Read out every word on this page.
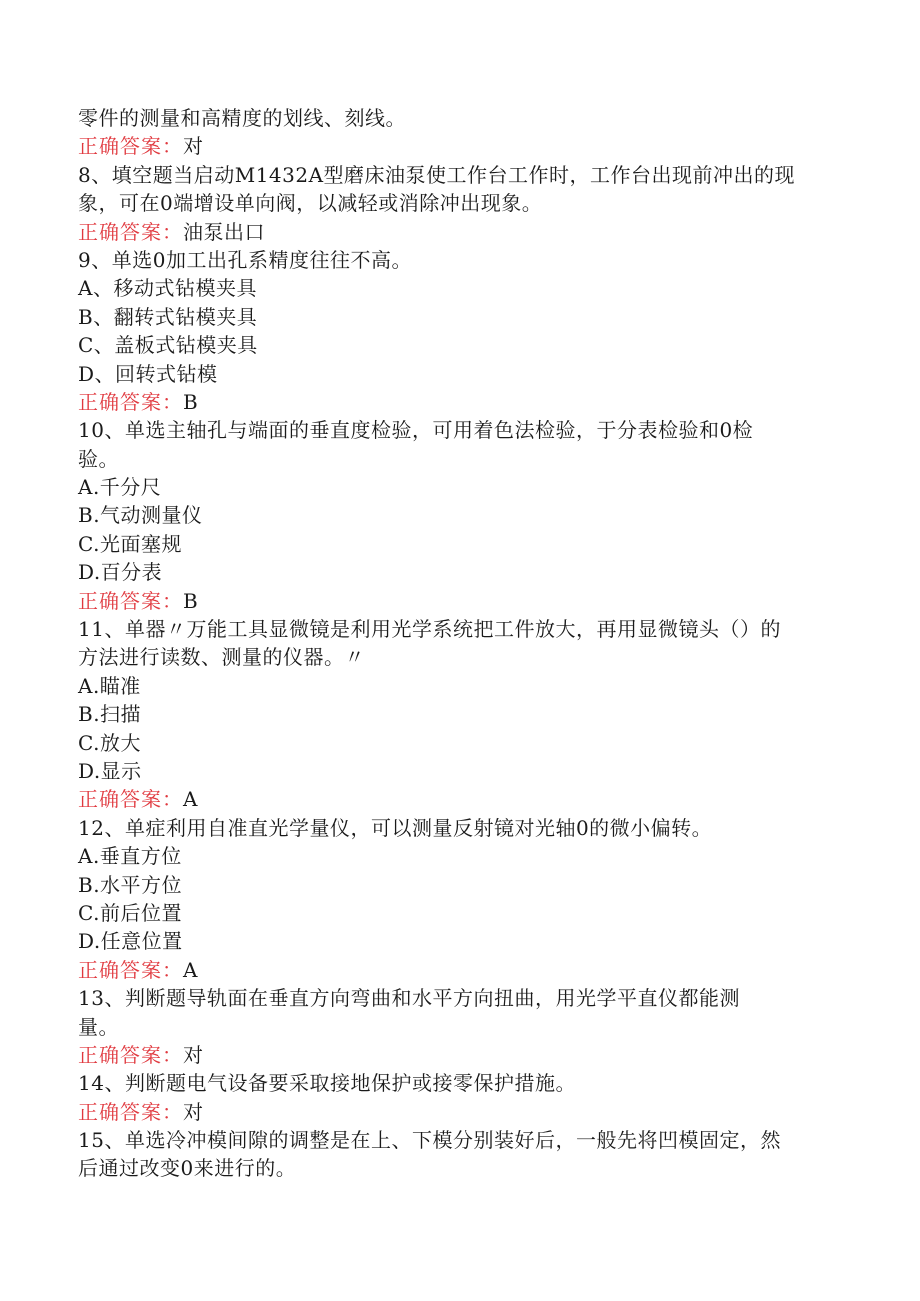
零件的测量和高精度的划线、刻线。
正确答案：对
8、填空题当启动M1432A型磨床油泵使工作台工作时，工作台出现前冲出的现
象，可在0端增设单向阀，以减轻或消除冲出现象。
正确答案：油泵出口
9、单选0加工出孔系精度往往不高。
A、移动式钻模夹具
B、翻转式钻模夹具
C、盖板式钻模夹具
D、回转式钻模
正确答案：B
10、单选主轴孔与端面的垂直度检验，可用着色法检验，于分表检验和0检
验。
A.千分尺
B.气动测量仪
C.光面塞规
D.百分表
正确答案：B
11、单器〃万能工具显微镜是利用光学系统把工件放大，再用显微镜头（）的
方法进行读数、测量的仪器。〃
A.瞄准
B.扫描
C.放大
D.显示
正确答案：A
12、单症利用自准直光学量仪，可以测量反射镜对光轴0的微小偏转。
A.垂直方位
B.水平方位
C.前后位置
D.任意位置
正确答案：A
13、判断题导轨面在垂直方向弯曲和水平方向扭曲，用光学平直仪都能测
量。
正确答案：对
14、判断题电气设备要采取接地保护或接零保护措施。
正确答案：对
15、单选冷冲模间隙的调整是在上、下模分别装好后，一般先将凹模固定，然
后通过改变0来进行的。
